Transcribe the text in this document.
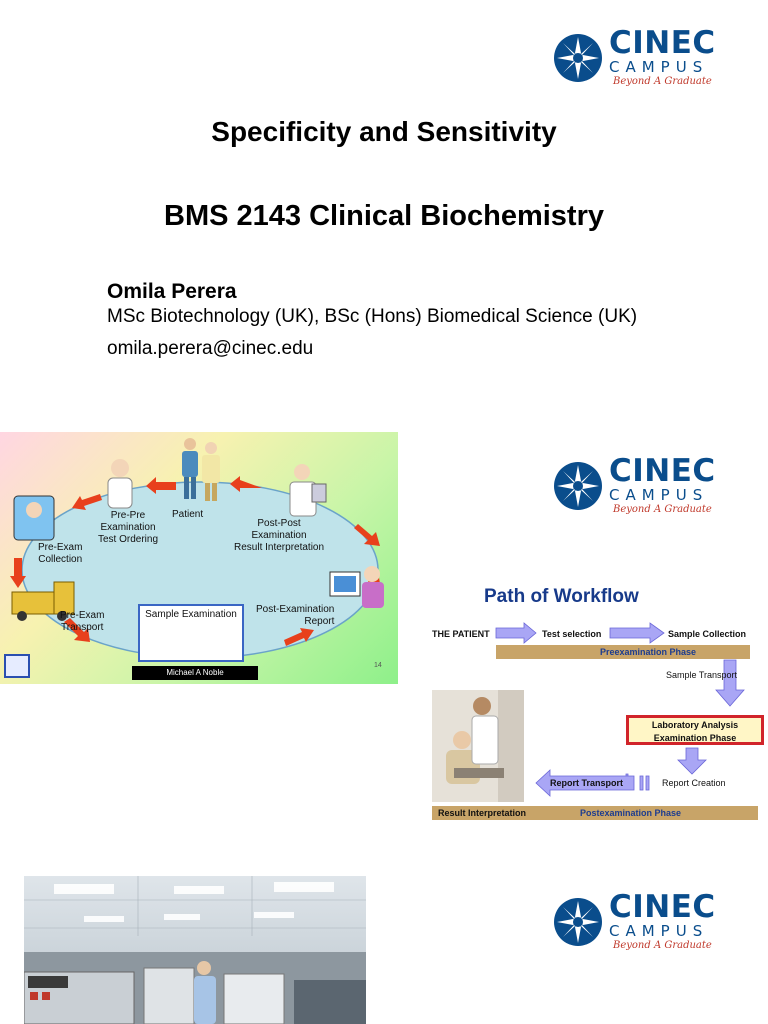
CINEC
CAMPUS
Beyond A Graduate
Specificity and Sensitivity
BMS 2143 Clinical Biochemistry
Omila Perera
MSc Biotechnology (UK), BSc (Hons) Biomedical Science (UK)
omila.perera@cinec.edu
Patient
Pre-Pre
Examination
Test Ordering
Post-Post
Examination
Result Interpretation
Pre-Exam
Collection
Pre-Exam
Transport
Post-Examination
Report
Sample Examination
Michael A Noble
14
CINEC
CAMPUS
Beyond A Graduate
Path of Workflow
THE PATIENT	Test selection	Sample Collection
Preexamination Phase
Sample Transport
Laboratory Analysis
Examination Phase
Report Creation
Report Transport
Result Interpretation	Postexamination Phase
CINEC
CAMPUS
Beyond A Graduate
